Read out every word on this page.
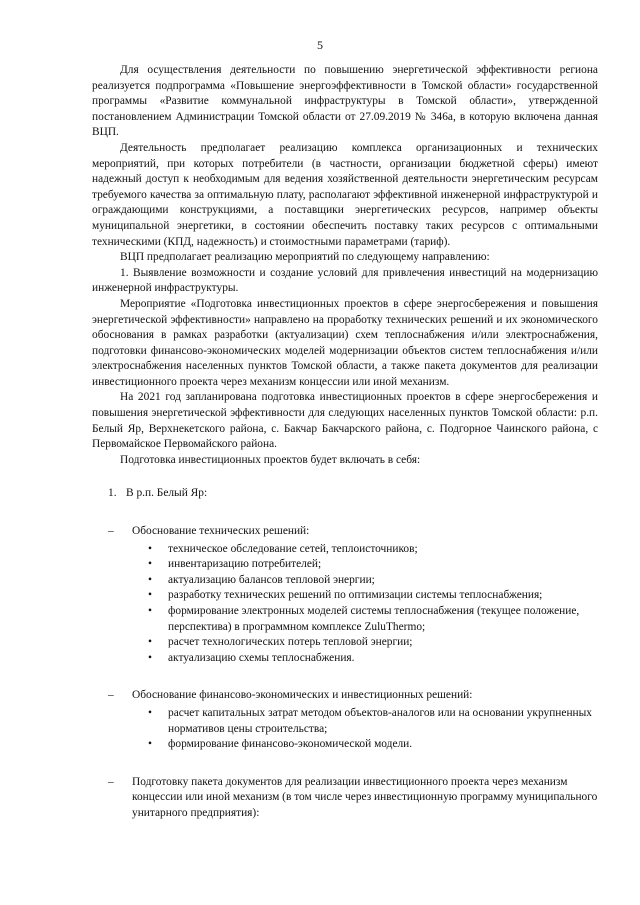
5

Для осуществления деятельности по повышению энергетической эффективности региона реализуется подпрограмма «Повышение энергоэффективности в Томской области» государственной программы «Развитие коммунальной инфраструктуры в Томской области», утвержденной постановлением Администрации Томской области от 27.09.2019 № 346а, в которую включена данная ВЦП.

Деятельность предполагает реализацию комплекса организационных и технических мероприятий, при которых потребители (в частности, организации бюджетной сферы) имеют надежный доступ к необходимым для ведения хозяйственной деятельности энергетическим ресурсам требуемого качества за оптимальную плату, располагают эффективной инженерной инфраструктурой и ограждающими конструкциями, а поставщики энергетических ресурсов, например объекты муниципальной энергетики, в состоянии обеспечить поставку таких ресурсов с оптимальными техническими (КПД, надежность) и стоимостными параметрами (тариф).

ВЦП предполагает реализацию мероприятий по следующему направлению:

1. Выявление возможности и создание условий для привлечения инвестиций на модернизацию инженерной инфраструктуры.

Мероприятие «Подготовка инвестиционных проектов в сфере энергосбережения и повышения энергетической эффективности» направлено на проработку технических решений и их экономического обоснования в рамках разработки (актуализации) схем теплоснабжения и/или электроснабжения, подготовки финансово-экономических моделей модернизации объектов систем теплоснабжения и/или электроснабжения населенных пунктов Томской области, а также пакета документов для реализации инвестиционного проекта через механизм концессии или иной механизм.

На 2021 год запланирована подготовка инвестиционных проектов в сфере энергосбережения и повышения энергетической эффективности для следующих населенных пунктов Томской области: р.п. Белый Яр, Верхнекетского района, с. Бакчар Бакчарского района, с. Подгорное Чаинского района, с Первомайское Первомайского района.

Подготовка инвестиционных проектов будет включать в себя:

1. В р.п. Белый Яр:
– Обоснование технических решений:
• техническое обследование сетей, теплоисточников;
• инвентаризацию потребителей;
• актуализацию балансов тепловой энергии;
• разработку технических решений по оптимизации системы теплоснабжения;
• формирование электронных моделей системы теплоснабжения (текущее положение, перспектива) в программном комплексе ZuluThermo;
• расчет технологических потерь тепловой энергии;
• актуализацию схемы теплоснабжения.
– Обоснование финансово-экономических и инвестиционных решений:
• расчет капитальных затрат методом объектов-аналогов или на основании укрупненных нормативов цены строительства;
• формирование финансово-экономической модели.
– Подготовку пакета документов для реализации инвестиционного проекта через механизм концессии или иной механизм (в том числе через инвестиционную программу муниципального унитарного предприятия):
